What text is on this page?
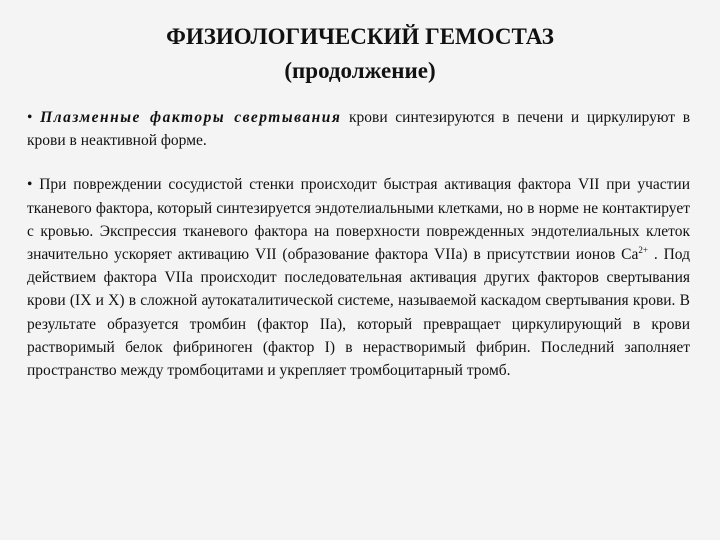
ФИЗИОЛОГИЧЕСКИЙ ГЕМОСТАЗ
(продолжение)

• Плазменные факторы свертывания крови синтезируются в печени и циркулируют в крови в неактивной форме.

• При повреждении сосудистой стенки происходит быстрая активация фактора VII при участии тканевого фактора, который синтезируется эндотелиальными клетками, но в норме не контактирует с кровью. Экспрессия тканевого фактора на поверхности поврежденных эндотелиальных клеток значительно ускоряет активацию VII (образование фактора VIIа) в присутствии ионов $Са^{2+}$ . Под действием фактора VIIа происходит последовательная активация других факторов свертывания крови (IX и X) в сложной аутокаталитической системе, называемой каскадом свертывания крови. В результате образуется тромбин (фактор IIа), который превращает циркулирующий в крови растворимый белок фибриноген (фактор I) в нерастворимый фибрин. Последний заполняет пространство между тромбоцитами и укрепляет тромбоцитарный тромб.
